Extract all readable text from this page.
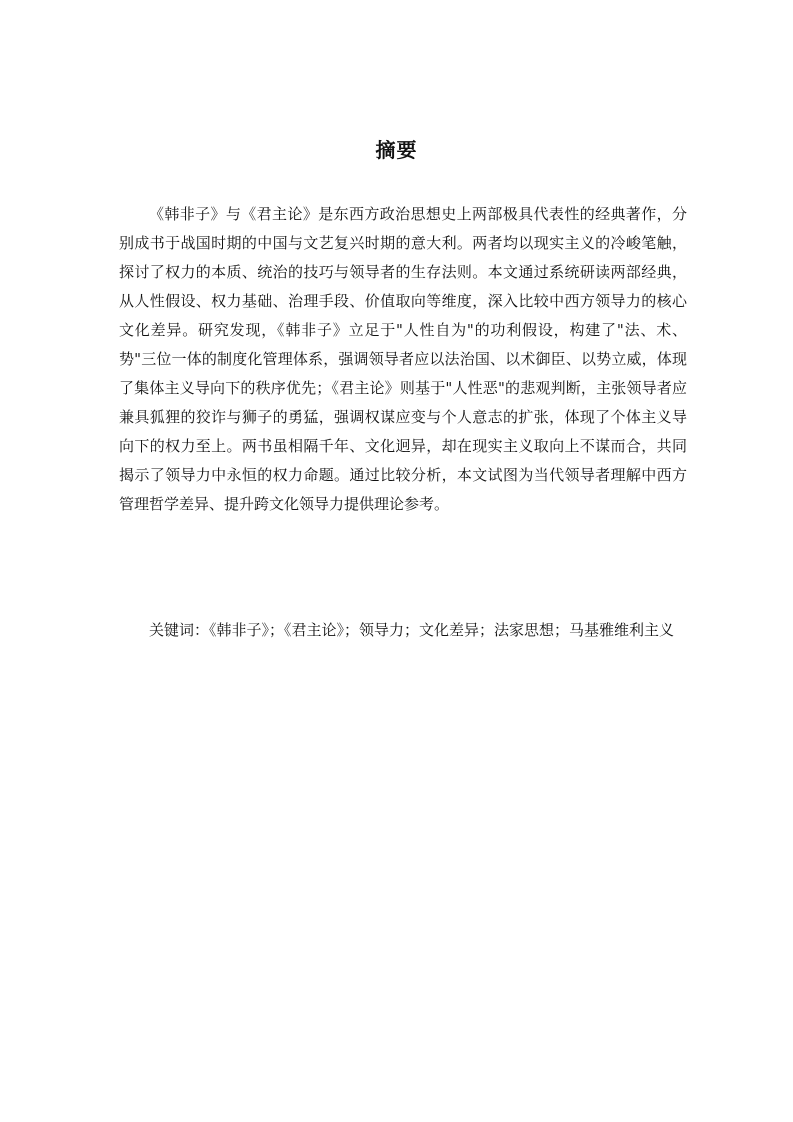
摘要

《韩非子》与《君主论》是东西方政治思想史上两部极具代表性的经典著作，分别成书于战国时期的中国与文艺复兴时期的意大利。两者均以现实主义的冷峻笔触，探讨了权力的本质、统治的技巧与领导者的生存法则。本文通过系统研读两部经典，从人性假设、权力基础、治理手段、价值取向等维度，深入比较中西方领导力的核心文化差异。研究发现，《韩非子》立足于"人性自为"的功利假设，构建了"法、术、势"三位一体的制度化管理体系，强调领导者应以法治国、以术御臣、以势立威，体现了集体主义导向下的秩序优先；《君主论》则基于"人性恶"的悲观判断，主张领导者应兼具狐狸的狡诈与狮子的勇猛，强调权谋应变与个人意志的扩张，体现了个体主义导向下的权力至上。两书虽相隔千年、文化迥异，却在现实主义取向上不谋而合，共同揭示了领导力中永恒的权力命题。通过比较分析，本文试图为当代领导者理解中西方管理哲学差异、提升跨文化领导力提供理论参考。

关键词：《韩非子》；《君主论》；领导力；文化差异；法家思想；马基雅维利主义
